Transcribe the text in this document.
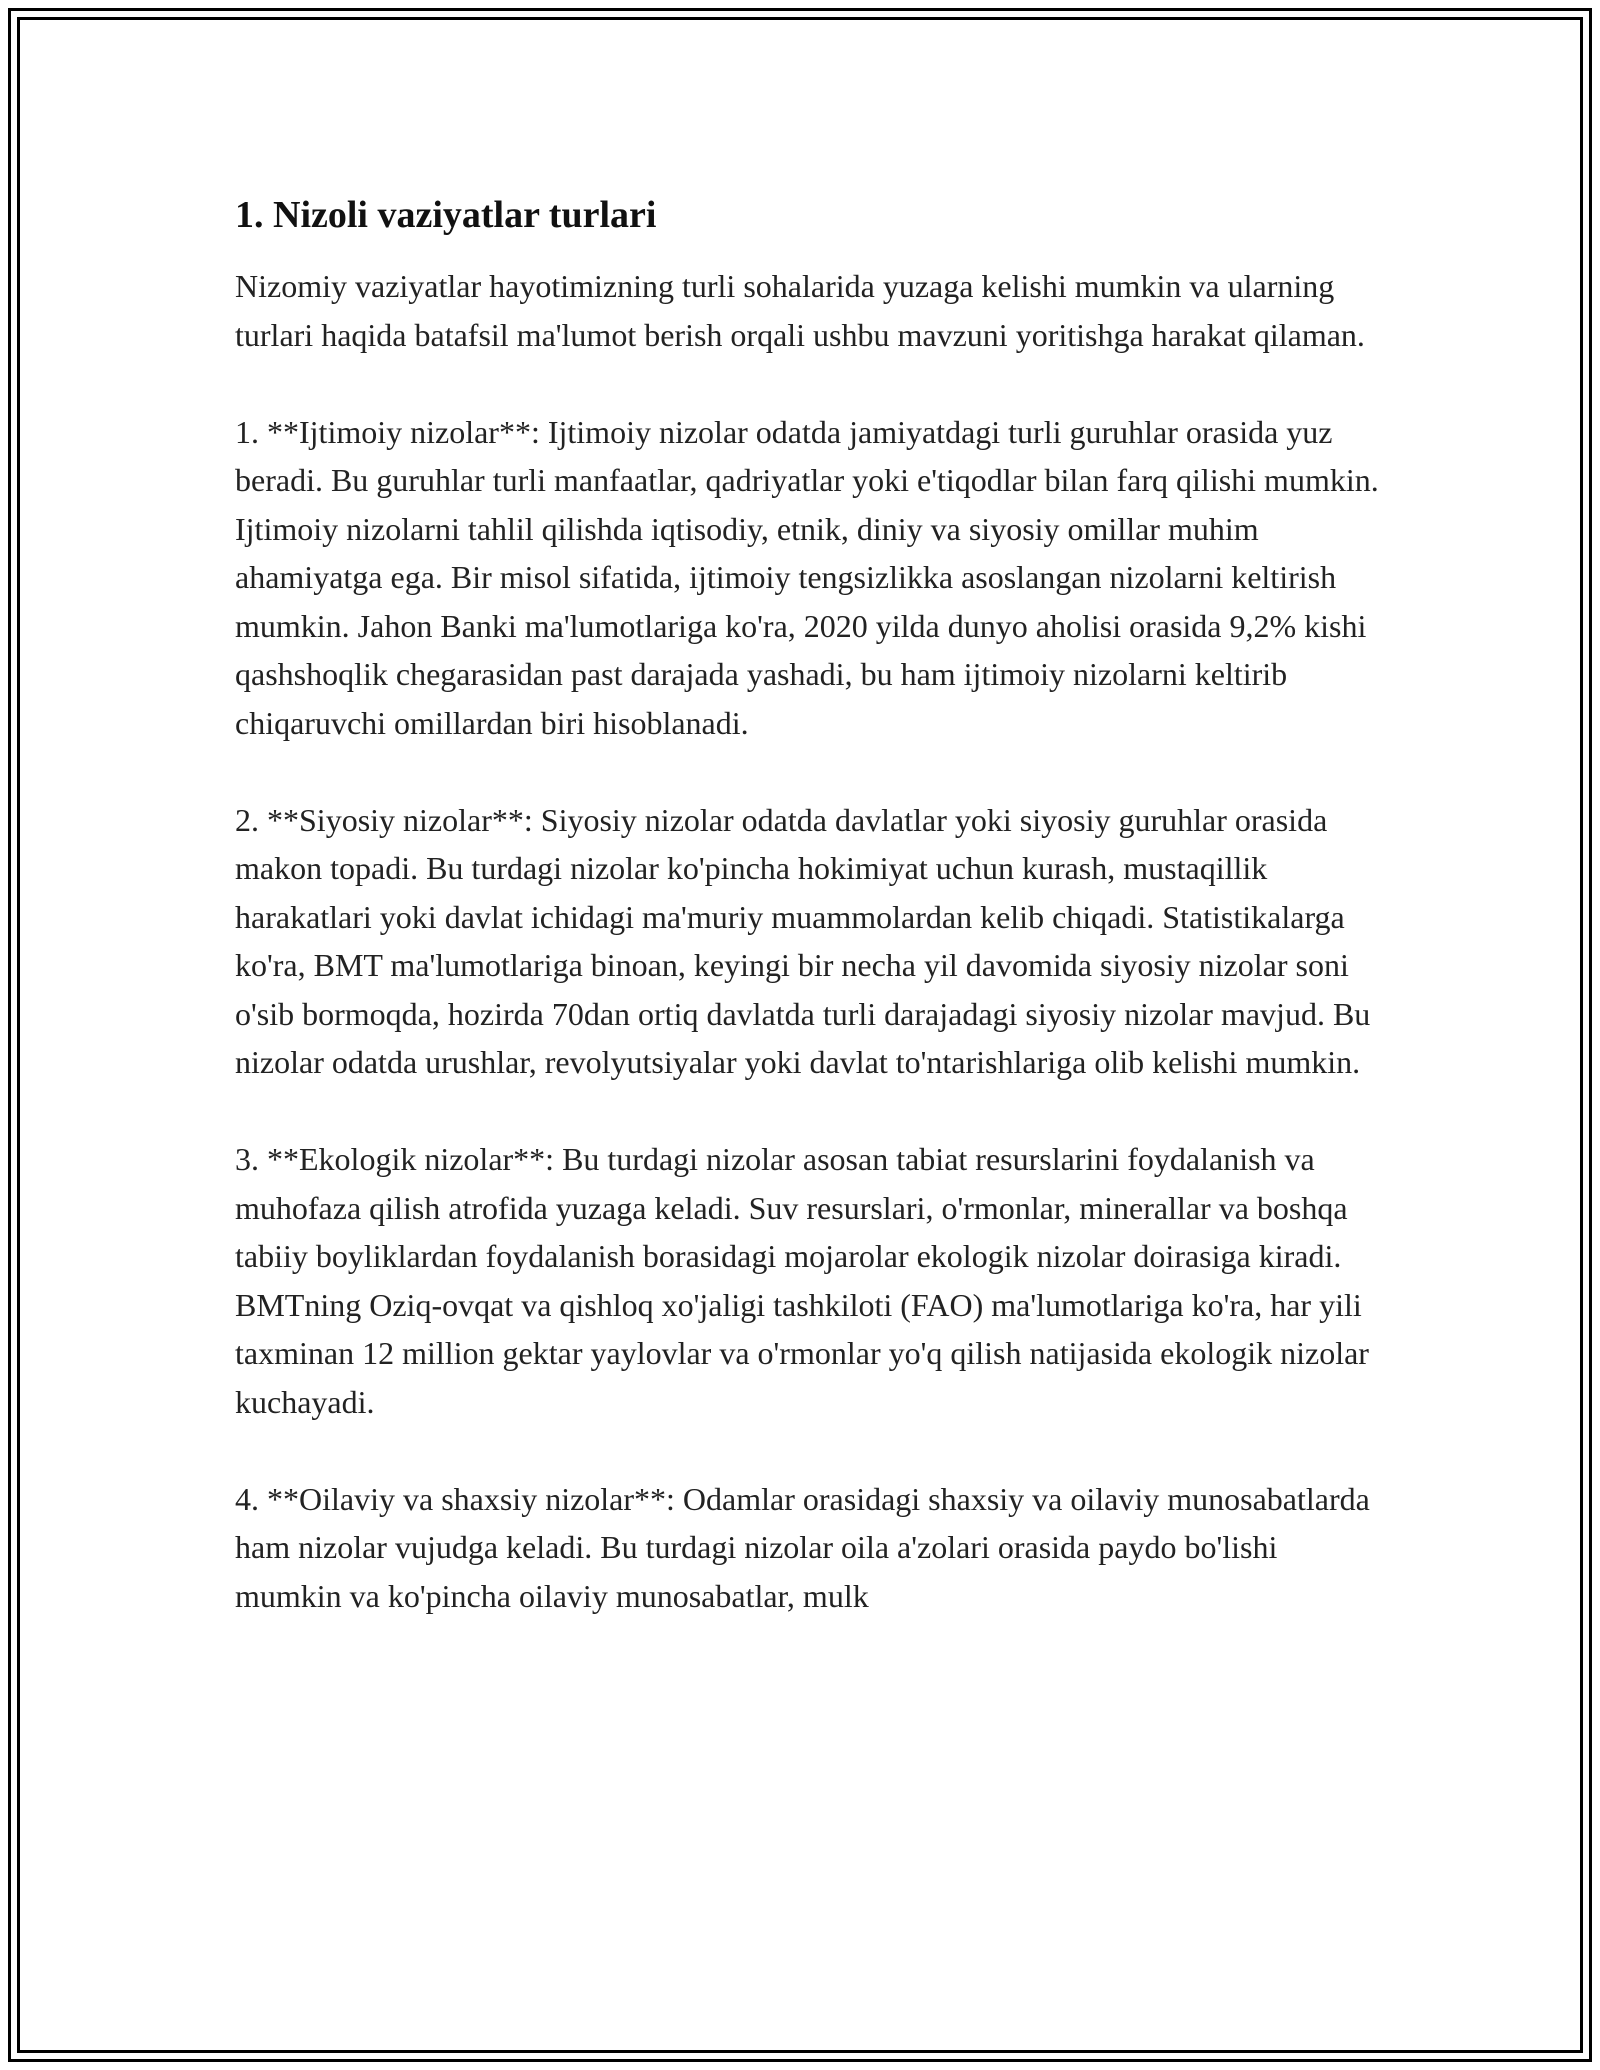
1. Nizoli vaziyatlar turlari

Nizomiy vaziyatlar hayotimizning turli sohalarida yuzaga kelishi mumkin va ularning turlari haqida batafsil ma'lumot berish orqali ushbu mavzuni yoritishga harakat qilaman.

1. **Ijtimoiy nizolar**: Ijtimoiy nizolar odatda jamiyatdagi turli guruhlar orasida yuz beradi. Bu guruhlar turli manfaatlar, qadriyatlar yoki e'tiqodlar bilan farq qilishi mumkin. Ijtimoiy nizolarni tahlil qilishda iqtisodiy, etnik, diniy va siyosiy omillar muhim ahamiyatga ega. Bir misol sifatida, ijtimoiy tengsizlikka asoslangan nizolarni keltirish mumkin. Jahon Banki ma'lumotlariga ko'ra, 2020 yilda dunyo aholisi orasida 9,2% kishi qashshoqlik chegarasidan past darajada yashadi, bu ham ijtimoiy nizolarni keltirib chiqaruvchi omillardan biri hisoblanadi.

2. **Siyosiy nizolar**: Siyosiy nizolar odatda davlatlar yoki siyosiy guruhlar orasida makon topadi. Bu turdagi nizolar ko'pincha hokimiyat uchun kurash, mustaqillik harakatlari yoki davlat ichidagi ma'muriy muammolardan kelib chiqadi. Statistikalarga ko'ra, BMT ma'lumotlariga binoan, keyingi bir necha yil davomida siyosiy nizolar soni o'sib bormoqda, hozirda 70dan ortiq davlatda turli darajadagi siyosiy nizolar mavjud. Bu nizolar odatda urushlar, revolyutsiyalar yoki davlat to'ntarishlariga olib kelishi mumkin.

3. **Ekologik nizolar**: Bu turdagi nizolar asosan tabiat resurslarini foydalanish va muhofaza qilish atrofida yuzaga keladi. Suv resurslari, o'rmonlar, minerallar va boshqa tabiiy boyliklardan foydalanish borasidagi mojarolar ekologik nizolar doirasiga kiradi. BMTning Oziq-ovqat va qishloq xo'jaligi tashkiloti (FAO) ma'lumotlariga ko'ra, har yili taxminan 12 million gektar yaylovlar va o'rmonlar yo'q qilish natijasida ekologik nizolar kuchayadi.

4. **Oilaviy va shaxsiy nizolar**: Odamlar orasidagi shaxsiy va oilaviy munosabatlarda ham nizolar vujudga keladi. Bu turdagi nizolar oila a'zolari orasida paydo bo'lishi mumkin va ko'pincha oilaviy munosabatlar, mulk
